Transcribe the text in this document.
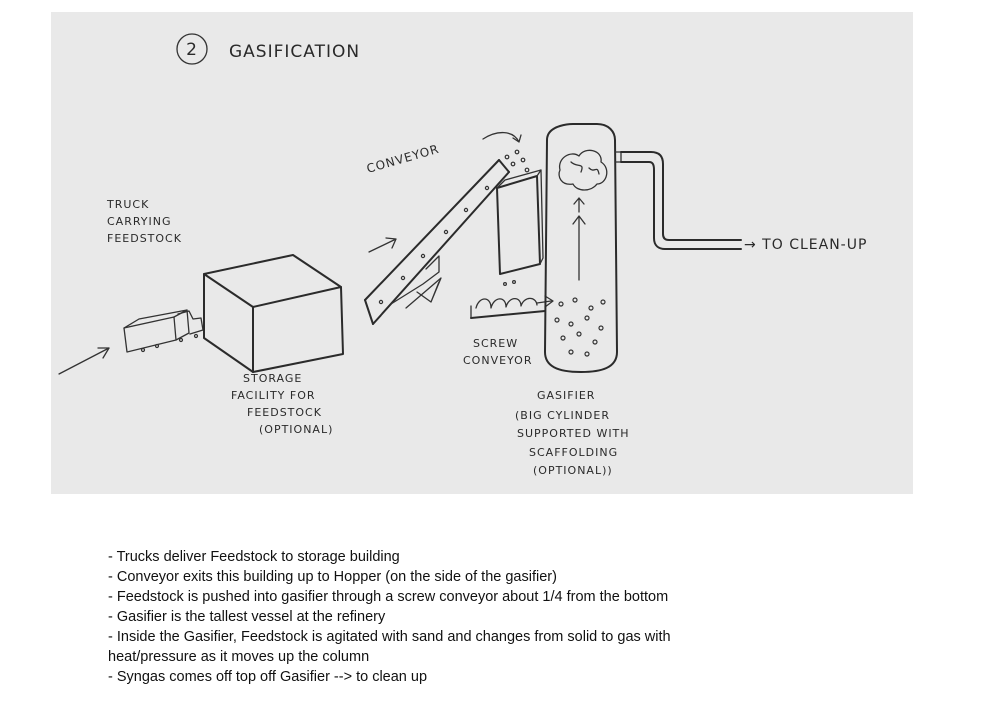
2 GASIFICATION
TRUCK CARRYING FEEDSTOCK
STORAGE FACILITY FOR FEEDSTOCK (OPTIONAL)
CONVEYOR
SCREW CONVEYOR
→ TO CLEAN-UP
GASIFIER (BIG CYLINDER SUPPORTED WITH SCAFFOLDING (OPTIONAL))
- Trucks deliver Feedstock to storage building
- Conveyor exits this building up to Hopper (on the side of the gasifier)
- Feedstock is pushed into gasifier through a screw conveyor about 1/4 from the bottom
- Gasifier is the tallest vessel at the refinery
- Inside the Gasifier, Feedstock is agitated with sand and changes from solid to gas with heat/pressure as it moves up the column
- Syngas comes off top off Gasifier --> to clean up
